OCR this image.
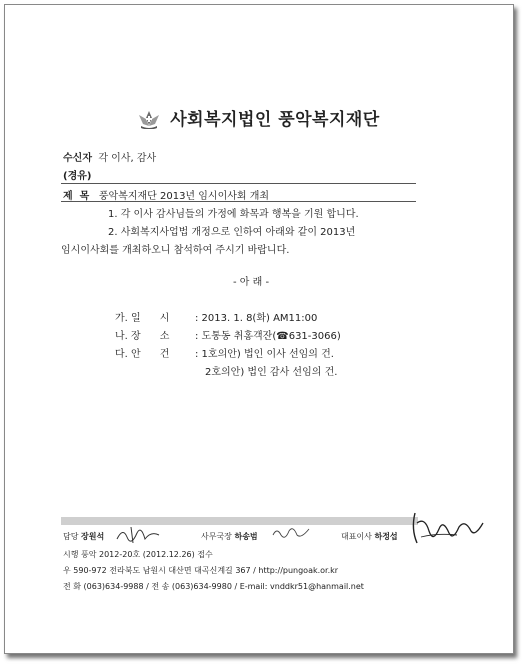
사회복지법인 풍악복지재단
수신자 각 이사, 감사
(경유)
제  목 풍악복지재단 2013년 임시이사회 개최
1. 각 이사 감사님들의 가정에 화목과 행복을 기원 합니다.
2. 사회복지사업법 개정으로 인하여 아래와 같이 2013년
임시이사회를 개최하오니 참석하여 주시기 바랍니다.
- 아 래 -
가. 일      시	: 2013. 1. 8(화) AM11:00
나. 장      소	: 도통동 취홍객잔(☎631-3066)
다. 안      건	: 1호의안) 법인 이사 선임의 건.
2호의안) 법인 감사 선임의 건.
담당 장원석	사무국장 하송범	대표이사 하정섭
시행 풍악 2012-20호 (2012.12.26) 접수
우 590-972 전라북도 남원시 대산면 대곡신계길 367 / http://pungoak.or.kr
전 화 (063)634-9988 / 전 송 (063)634-9980 / E-mail: vnddkr51@hanmail.net
